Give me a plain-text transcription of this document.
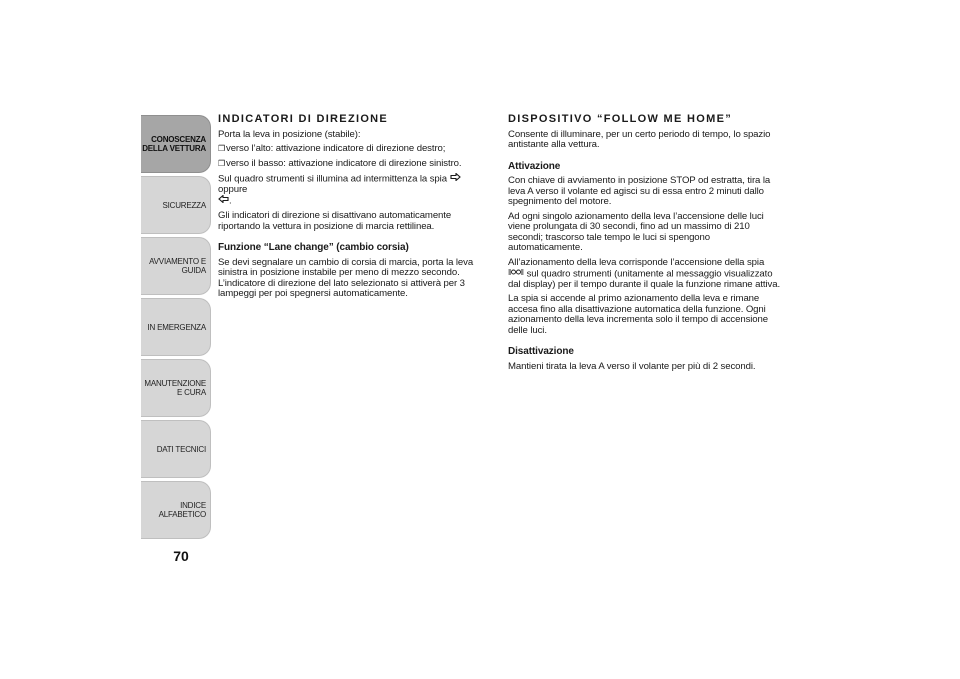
CONOSCENZA DELLA VETTURA
SICUREZZA
AVVIAMENTO E GUIDA
IN EMERGENZA
MANUTENZIONE E CURA
DATI TECNICI
INDICE ALFABETICO
70
INDICATORI DI DIREZIONE

Porta la leva in posizione (stabile):

❒verso l’alto: attivazione indicatore di direzione destro;

❒verso il basso: attivazione indicatore di direzione sinistro.

Sul quadro strumenti si illumina ad intermittenza la spia  oppure
.

Gli indicatori di direzione si disattivano automaticamente riportando la vettura in posizione di marcia rettilinea.

Funzione “Lane change” (cambio corsia)

Se devi segnalare un cambio di corsia di marcia, porta la leva sinistra in posizione instabile per meno di mezzo secondo. L’indicatore di direzione del lato selezionato si attiverà per 3 lampeggi per poi spegnersi automaticamente.

DISPOSITIVO “FOLLOW ME HOME”

Consente di illuminare, per un certo periodo di tempo, lo spazio antistante alla vettura.

Attivazione

Con chiave di avviamento in posizione STOP od estratta, tira la leva A verso il volante ed agisci su di essa entro 2 minuti dallo spegnimento del motore.

Ad ogni singolo azionamento della leva l’accensione delle luci viene prolungata di 30 secondi, fino ad un massimo di 210 secondi; trascorso tale tempo le luci si spengono automaticamente.

All’azionamento della leva corrisponde l’accensione della spia
sul quadro strumenti (unitamente al messaggio visualizzato dal display) per il tempo durante il quale la funzione rimane attiva.

La spia si accende al primo azionamento della leva e rimane accesa fino alla disattivazione automatica della funzione. Ogni azionamento della leva incrementa solo il tempo di accensione delle luci.

Disattivazione

Mantieni tirata la leva A verso il volante per più di 2 secondi.
